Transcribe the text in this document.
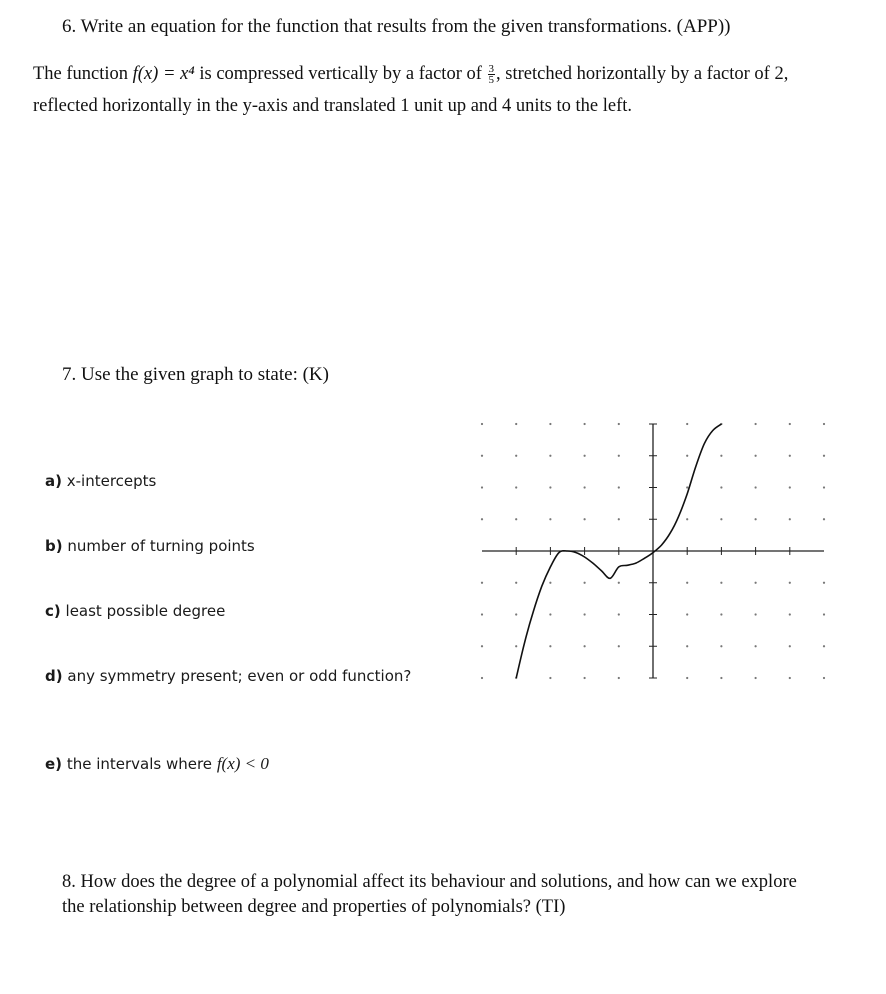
6. Write an equation for the function that results from the given transformations. (APP))
The function f(x) = x⁴ is compressed vertically by a factor of $\frac{3}{5}$ , stretched horizontally by a factor of 2, reflected horizontally in the y-axis and translated 1 unit up and 4 units to the left.
7. Use the given graph to state: (K)
a) x-intercepts
b) number of turning points
c) least possible degree
d) any symmetry present; even or odd function?
e) the intervals where f(x) < 0
8. How does the degree of a polynomial affect its behaviour and solutions, and how can we explore the relationship between degree and properties of polynomials? (TI)
